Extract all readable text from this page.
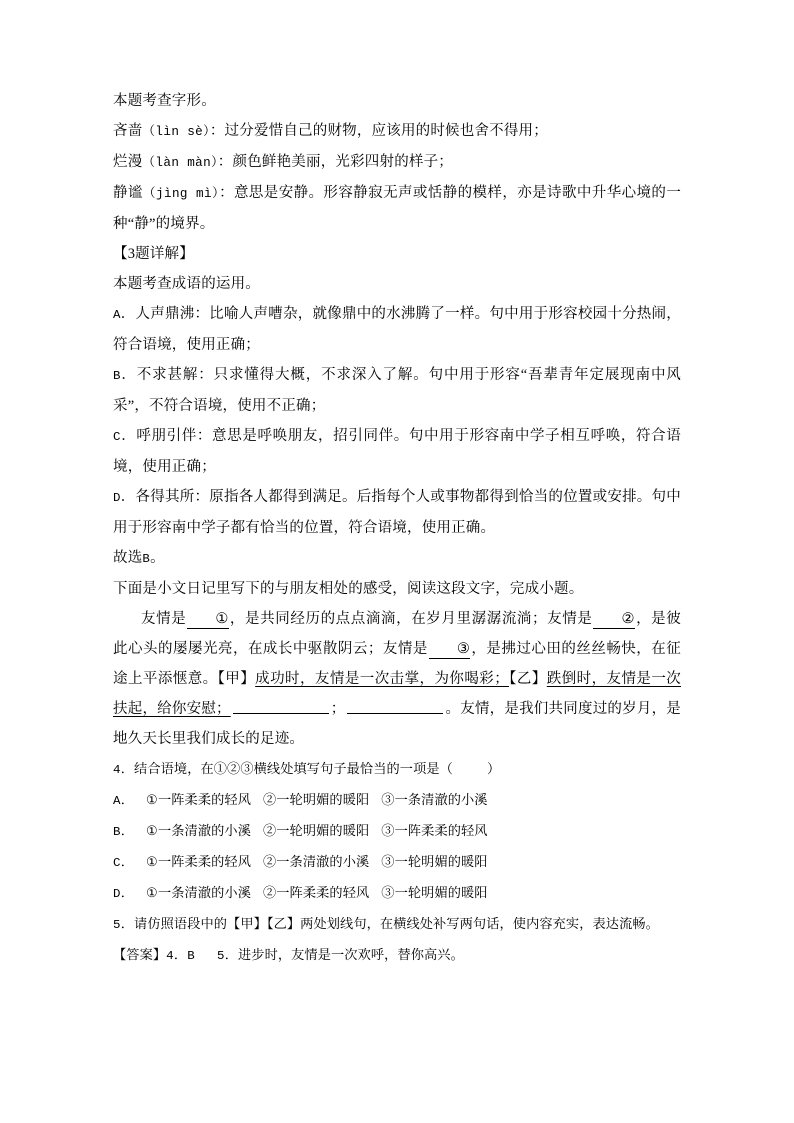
本题考查字形。
吝啬（lìn sè）：过分爱惜自己的财物，应该用的时候也舍不得用；
烂漫（làn màn）：颜色鲜艳美丽，光彩四射的样子；
静谧（jìng mì）：意思是安静。形容静寂无声或恬静的模样，亦是诗歌中升华心境的一种“静”的境界。
【3题详解】
本题考查成语的运用。
A．人声鼎沸：比喻人声嘈杂，就像鼎中的水沸腾了一样。句中用于形容校园十分热闹，符合语境，使用正确；
B．不求甚解：只求懂得大概，不求深入了解。句中用于形容“吾辈青年定展现南中风采”，不符合语境，使用不正确；
C．呼朋引伴：意思是呼唤朋友，招引同伴。句中用于形容南中学子相互呼唤，符合语境，使用正确；
D．各得其所：原指各人都得到满足。后指每个人或事物都得到恰当的位置或安排。句中用于形容南中学子都有恰当的位置，符合语境，使用正确。
故选B。
下面是小文日记里写下的与朋友相处的感受，阅读这段文字，完成小题。
友情是 ①，是共同经历的点点滴滴，在岁月里潺潺流淌；友情是 ②，是彼此心头的屡屡光亮，在成长中驱散阴云；友情是 ③，是拂过心田的丝丝畅快，在征途上平添惬意。【甲】成功时，友情是一次击掌，为你喝彩；【乙】跌倒时，友情是一次扶起，给你安慰；	；	。友情，是我们共同度过的岁月，是地久天长里我们成长的足迹。
4．结合语境，在①②③横线处填写句子最恰当的一项是（	）
A． ①一阵柔柔的轻风 ②一轮明媚的暖阳 ③一条清澈的小溪
B． ①一条清澈的小溪 ②一轮明媚的暖阳 ③一阵柔柔的轻风
C． ①一阵柔柔的轻风 ②一条清澈的小溪 ③一轮明媚的暖阳
D． ①一条清澈的小溪 ②一阵柔柔的轻风 ③一轮明媚的暖阳
5．请仿照语段中的【甲】【乙】两处划线句，在横线处补写两句话，使内容充实，表达流畅。
【答案】4．B 5．进步时，友情是一次欢呼，替你高兴。
